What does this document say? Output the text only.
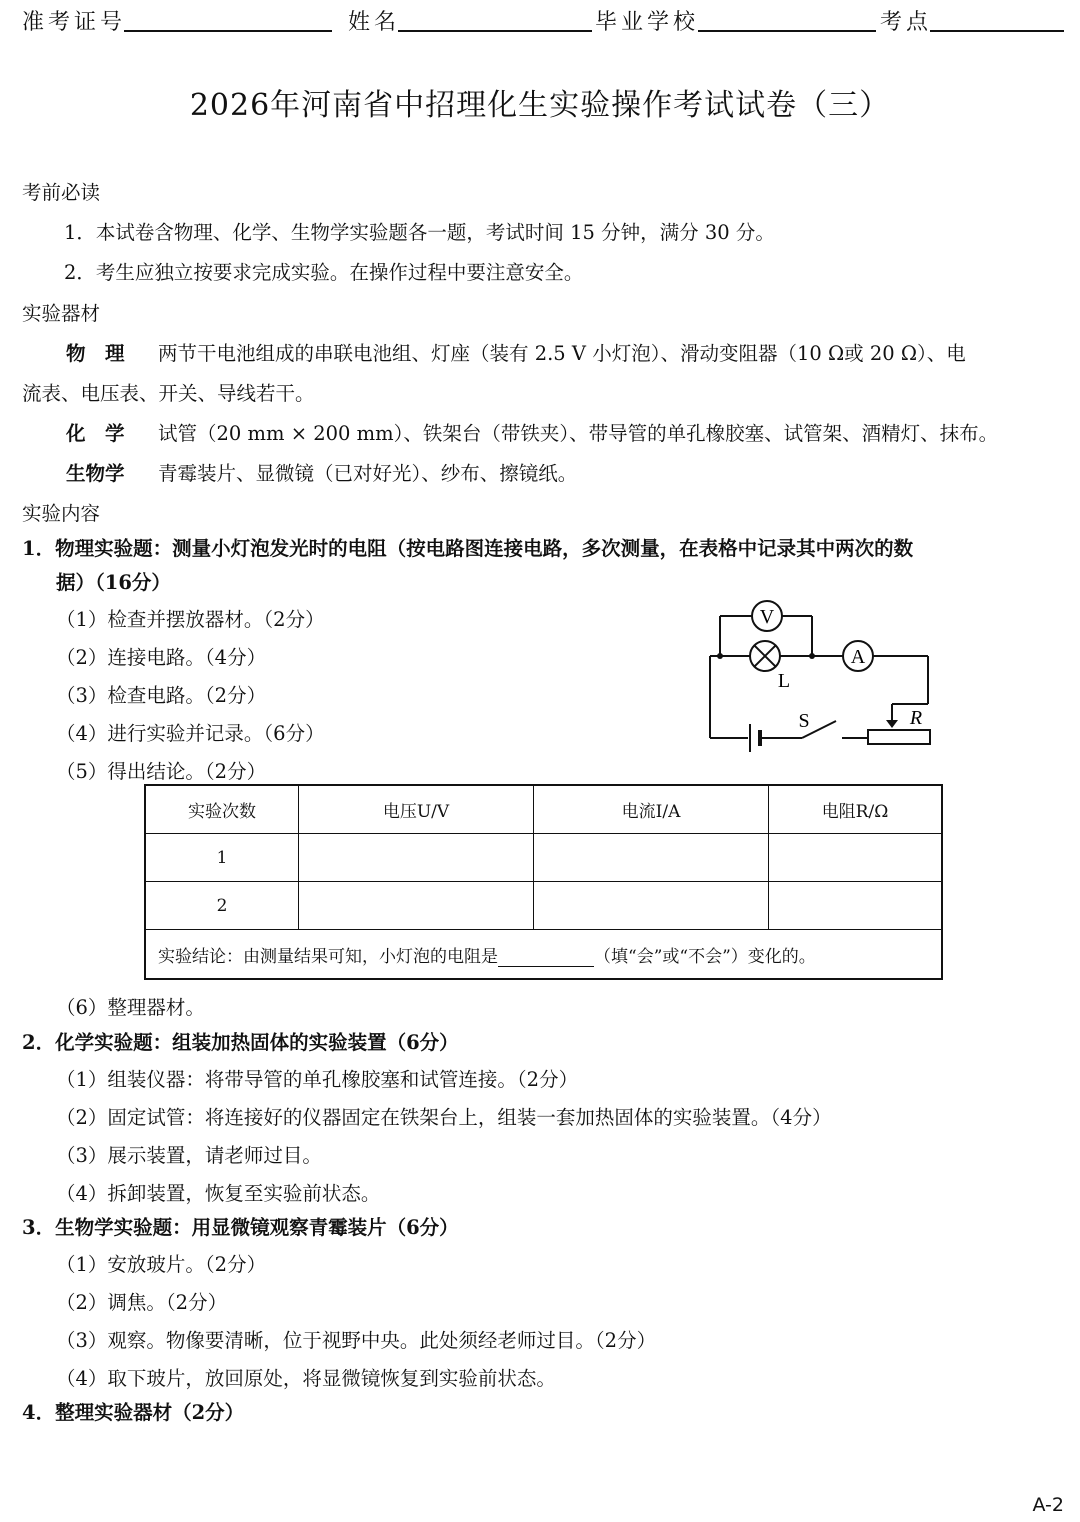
准考证号	姓名	毕业学校	考点
2026年河南省中招理化生实验操作考试试卷（三）
考前必读
1．本试卷含物理、化学、生物学实验题各一题，考试时间 15 分钟，满分 30 分。
2．考生应独立按要求完成实验。在操作过程中要注意安全。
实验器材
物　理 两节干电池组成的串联电池组、灯座（装有 2.5 V 小灯泡）、滑动变阻器（10 Ω或 20 Ω）、电
流表、电压表、开关、导线若干。
化　学 试管（20 mm × 200 mm）、铁架台（带铁夹）、带导管的单孔橡胶塞、试管架、酒精灯、抹布。
生物学 青霉装片、显微镜（已对好光）、纱布、擦镜纸。
实验内容
1．物理实验题：测量小灯泡发光时的电阻（按电路图连接电路，多次测量，在表格中记录其中两次的数
据）（16分）
（1）检查并摆放器材。（2分）
（2）连接电路。（4分）
（3）检查电路。（2分）
（4）进行实验并记录。（6分）
（5）得出结论。（2分）
V
A
L
S	R
实验次数	电压U/V	电流I/A	电阻R/Ω
1			
2			
实验结论：由测量结果可知，小灯泡的电阻是 （填“会”或“不会”）变化的。			
（6）整理器材。
2．化学实验题：组装加热固体的实验装置（6分）
（1）组装仪器：将带导管的单孔橡胶塞和试管连接。（2分）
（2）固定试管：将连接好的仪器固定在铁架台上，组装一套加热固体的实验装置。（4分）
（3）展示装置，请老师过目。
（4）拆卸装置，恢复至实验前状态。
3．生物学实验题：用显微镜观察青霉装片（6分）
（1）安放玻片。（2分）
（2）调焦。（2分）
（3）观察。物像要清晰，位于视野中央。此处须经老师过目。（2分）
（4）取下玻片，放回原处，将显微镜恢复到实验前状态。
4．整理实验器材（2分）
A-2
